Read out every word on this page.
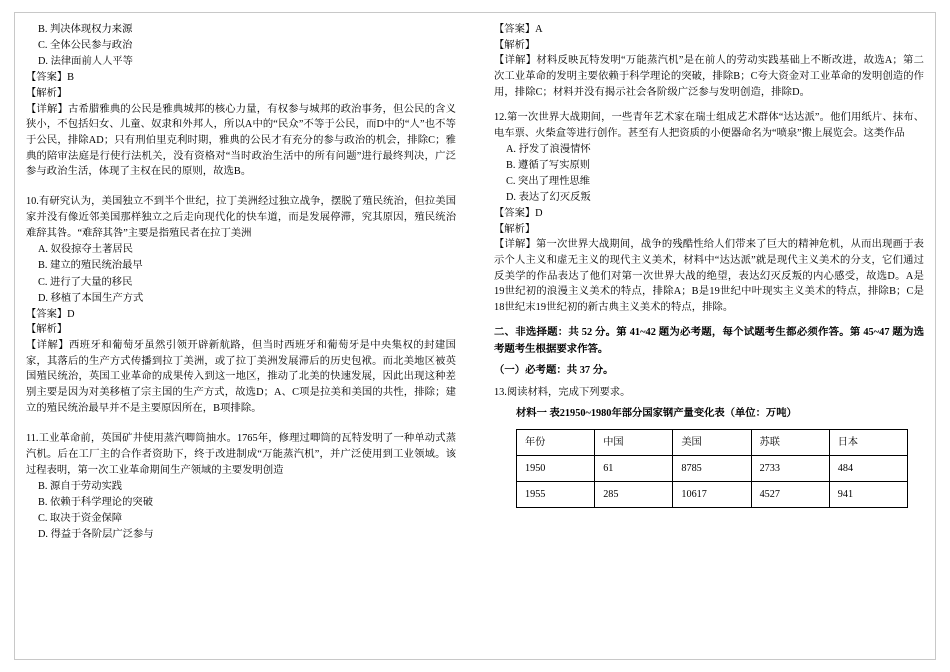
B. 判决体现权力来源
C. 全体公民参与政治
D. 法律面前人人平等
【答案】B
【解析】
【详解】古希腊雅典的公民是雅典城邦的核心力量，有权参与城邦的政治事务，但公民的含义狭小，不包括妇女、儿童、奴隶和外邦人，所以A中的“民众”不等于公民，而D中的“人”也不等于公民，排除AD；只有刑伯里克利时期，雅典的公民才有充分的参与政治的机会，排除C；雅典的陪审法庭是行使行法机关，没有资格对“当时政治生活中的所有问题”进行最终判决，广泛参与政治生活，体现了主权在民的原则，故选B。
10.有研究认为，美国独立不到半个世纪，拉丁美洲经过独立战争，摆脱了殖民统治，但拉美国家并没有像近邻美国那样独立之后走向现代化的快车道，而是发展停滞，究其原因，殖民统治难辞其咎。“难辞其咎”主要是指殖民者在拉丁美洲
A. 奴役掠夺土著居民
B. 建立的殖民统治最早
C. 进行了大量的移民
D. 移植了本国生产方式
【答案】D
【解析】
【详解】西班牙和葡萄牙虽然引领开辟新航路，但当时西班牙和葡萄牙是中央集权的封建国家，其落后的生产方式传播到拉丁美洲，或了拉丁美洲发展滞后的历史包袱。而北美地区被英国殖民统治，英国工业革命的成果传入到这一地区，推动了北美的快速发展，因此出现这种差别主要是因为对美移植了宗主国的生产方式，故选D；A、C项是拉美和美国的共性，排除；建立的殖民统治最早并不是主要原因所在，B项排除。
11.工业革命前，英国矿井使用蒸汽唧筒抽水。1765年，修理过唧筒的瓦特发明了一种单动式蒸汽机。后在工厂主的合作者资助下，终于改进制成“万能蒸汽机”，并广泛使用到工业领域。该过程表明，第一次工业革命期间生产领域的主要发明创造
B. 源自于劳动实践
B. 依赖于科学理论的突破
C. 取决于资金保障
D. 得益于各阶层广泛参与
【答案】A
【解析】
【详解】材料反映瓦特发明“万能蒸汽机”是在前人的劳动实践基础上不断改进，故选A；第二次工业革命的发明主要依赖于科学理论的突破，排除B；C夸大资金对工业革命的发明创造的作用，排除C；材料并没有揭示社会各阶级广泛参与发明创造，排除D。
12.第一次世界大战期间，一些青年艺术家在瑞士组成艺术群体“达达派”。他们用纸片、抹布、电车票、火柴盒等进行创作。甚至有人把资质的小便器命名为“喷泉”搬上展览会。这类作品
A. 抒发了浪漫情怀
B. 遵循了写实原则
C. 突出了理性思维
D. 表达了幻灭反叛
【答案】D
【解析】
【详解】第一次世界大战期间，战争的残酷性给人们带来了巨大的精神危机，从而出现画于表示个人主义和虚无主义的现代主义美术，材料中“达达派”就是现代主义美术的分支，它们通过反美学的作品表达了他们对第一次世界大战的绝望，表达幻灭反叛的内心感受，故选D。A是19世纪初的浪漫主义美术的特点，排除A；B是19世纪中叶现实主义美术的特点，排除B；C是18世纪末19世纪初的新古典主义美术的特点，排除。
二、非选择题：共 52 分。第 41~42 题为必考题，每个试题考生都必须作答。第 45~47 题为选考题考生根据要求作答。
（一）必考题：共 37 分。
13.阅读材料，完成下列要求。
材料一 表21950~1980年部分国家钢产量变化表（单位：万吨）
年份	中国	美国	苏联	日本
1950	61	8785	2733	484
1955	285	10617	4527	941
